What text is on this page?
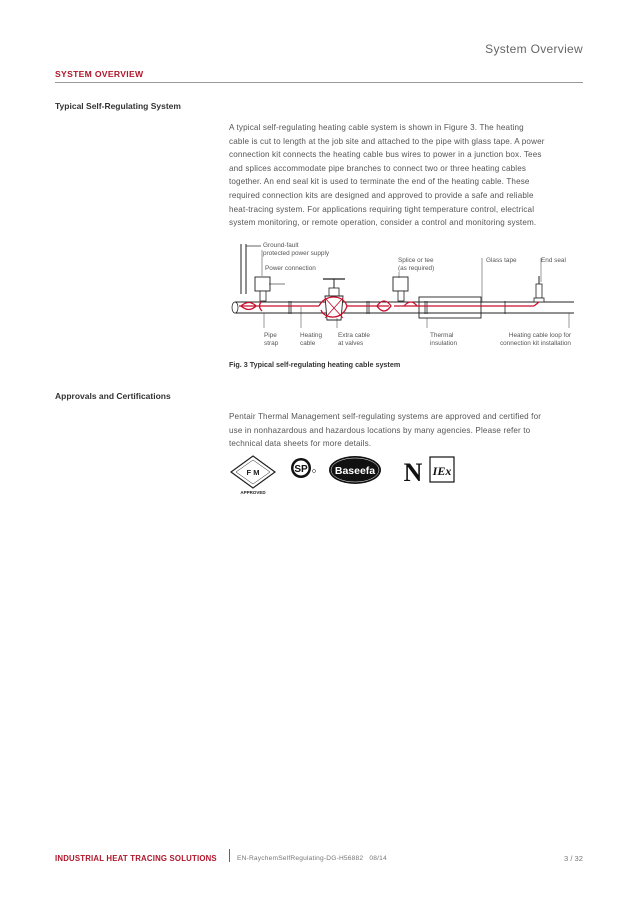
System Overview
SYSTEM OVERVIEW
Typical Self-Regulating System
A typical self-regulating heating cable system is shown in Figure 3. The heating
cable is cut to length at the job site and attached to the pipe with glass tape. A power
connection kit connects the heating cable bus wires to power in a junction box. Tees
and splices accommodate pipe branches to connect two or three heating cables
together. An end seal kit is used to terminate the end of the heating cable. These
required connection kits are designed and approved to provide a safe and reliable
heat-tracing system. For applications requiring tight temperature control, electrical
system monitoring, or remote operation, consider a control and monitoring system.
Ground-fault
protected power supply
Power connection
Splice or tee
(as required)
Glass tape	End seal
Pipe
strap
Heating
cable
Extra cable
at valves
Thermal
insulation
Heating cable loop for
connection kit installation
Fig. 3 Typical self-regulating heating cable system
Approvals and Certifications
Pentair Thermal Management self-regulating systems are approved and certified for
use in nonhazardous and hazardous locations by many agencies. Please refer to
technical data sheets for more details.
F M
APPROVED
SP	Baseefa N IEx
INDUSTRIAL HEAT TRACING SOLUTIONS	EN-RaychemSelfRegulating-DG-H56882   08/14	3 / 32
